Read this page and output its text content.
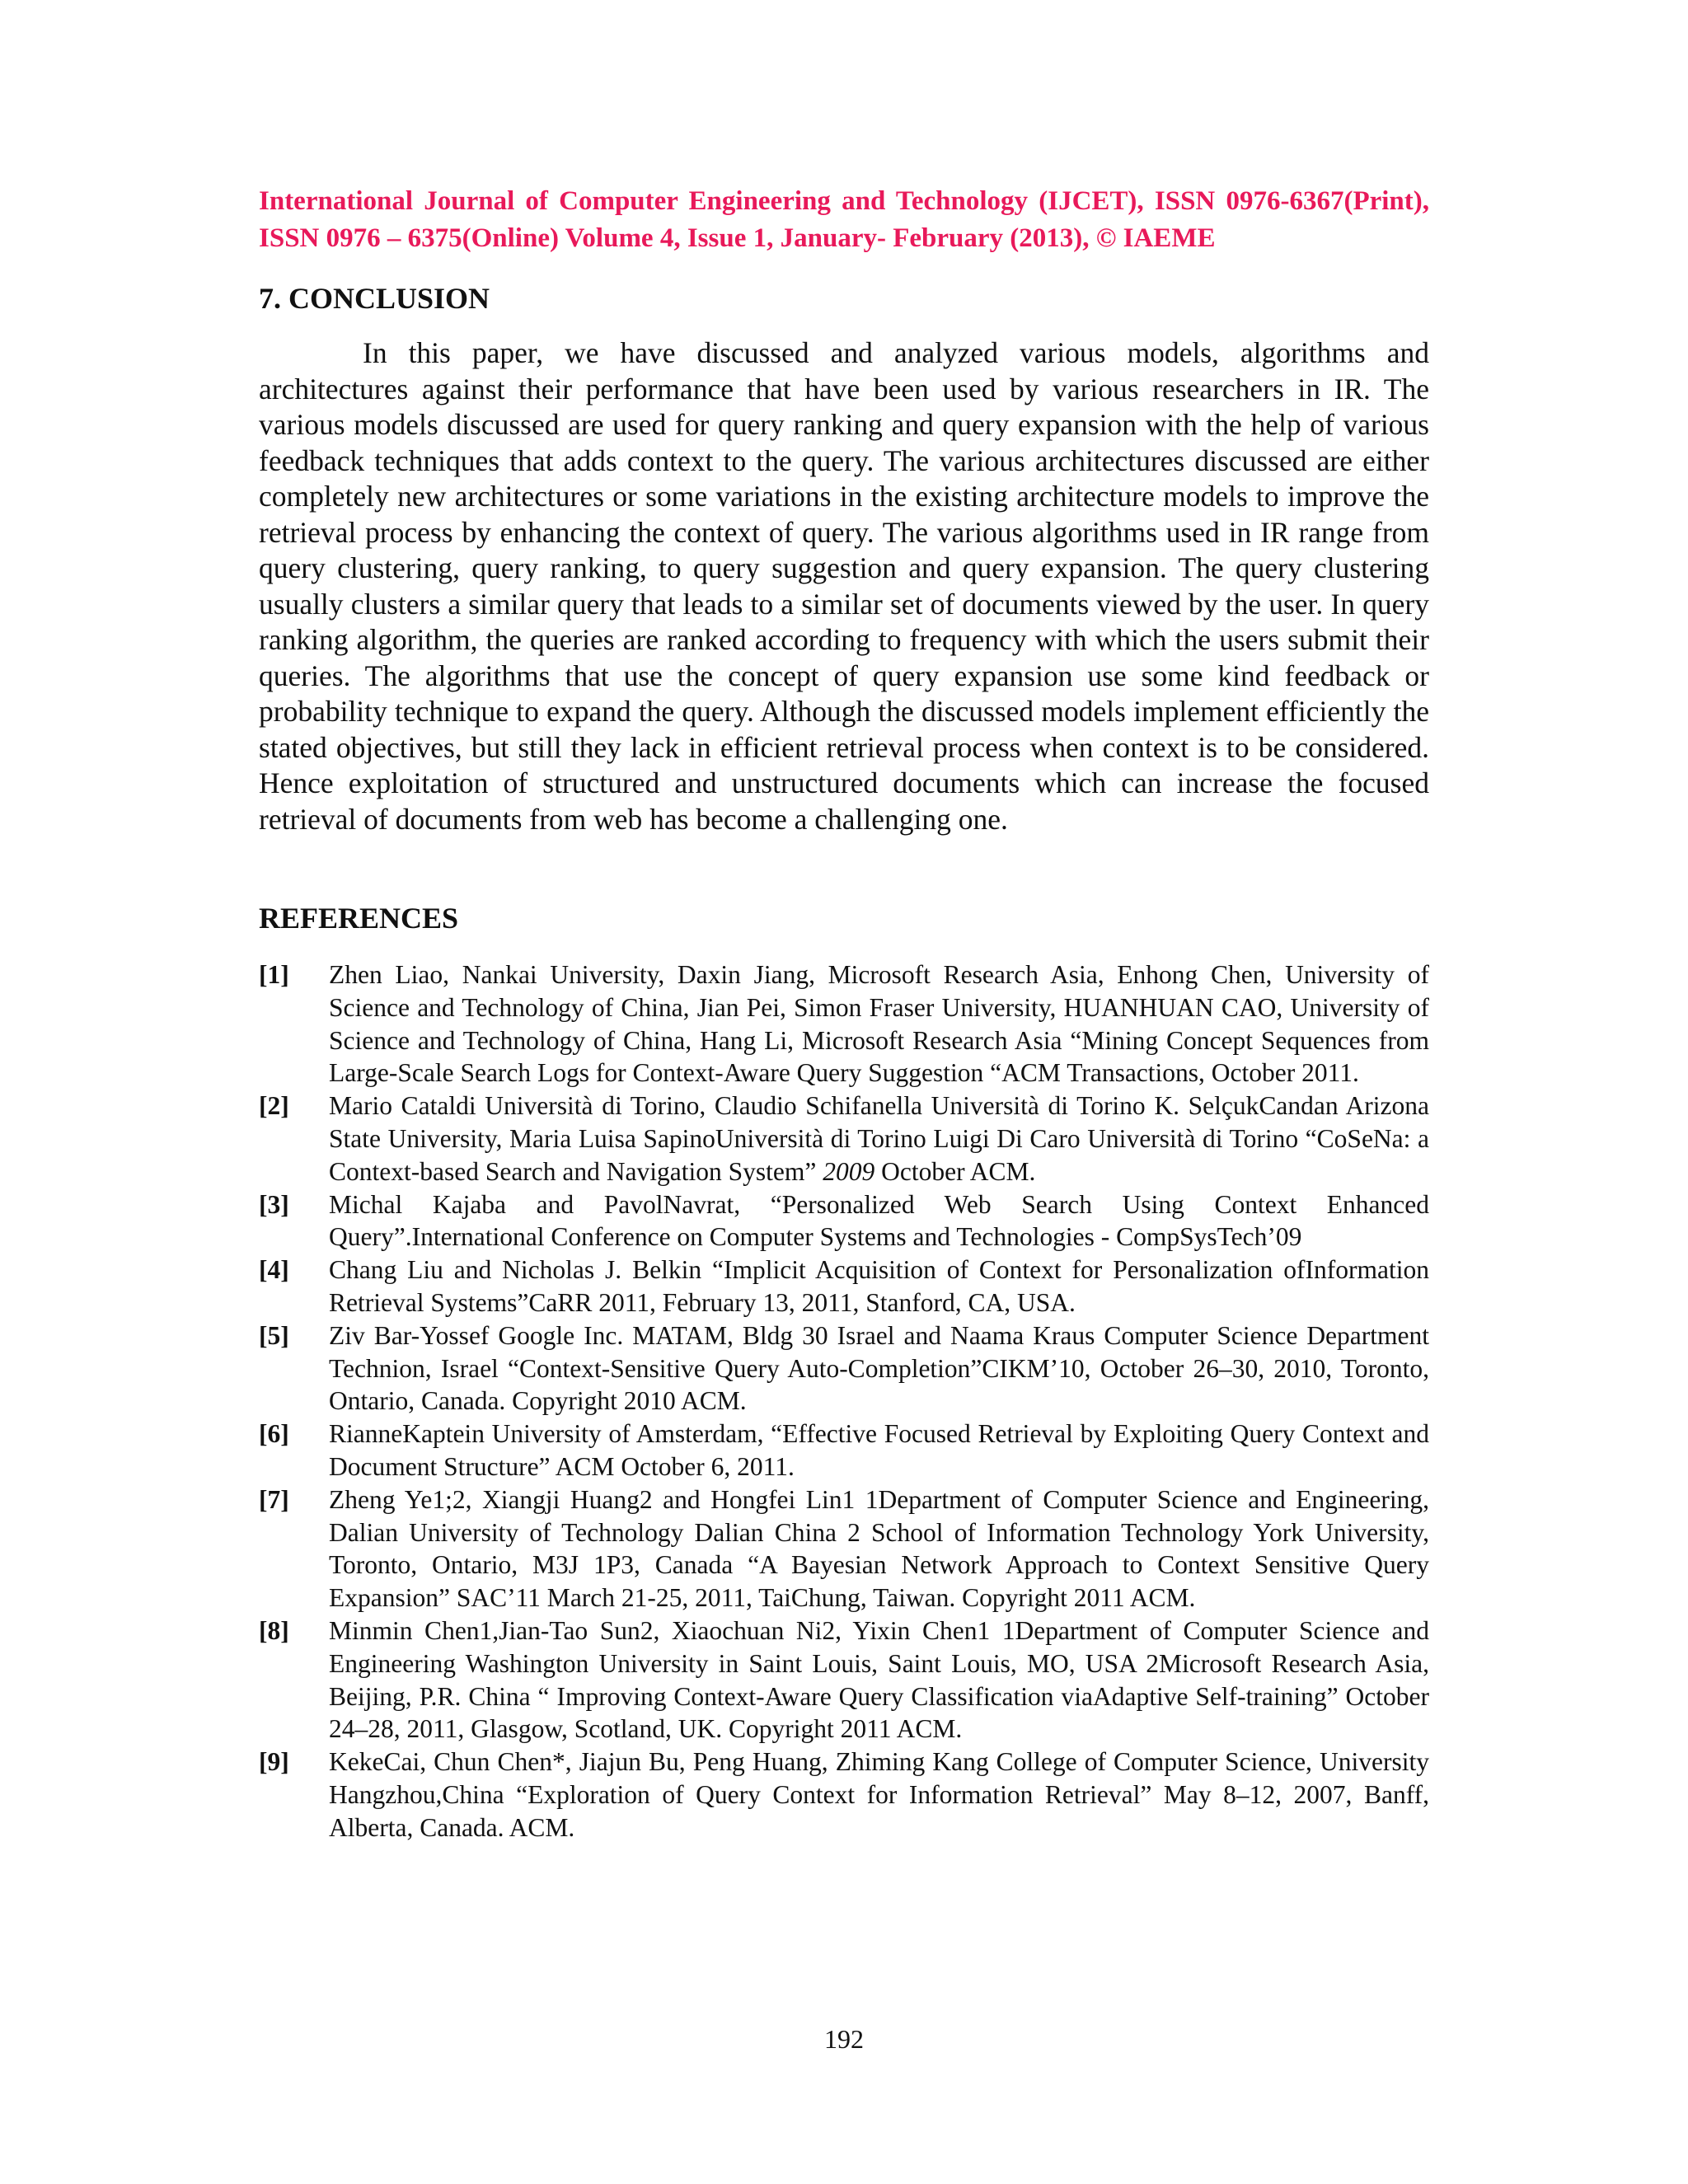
International Journal of Computer Engineering and Technology (IJCET), ISSN 0976-6367(Print), ISSN 0976 – 6375(Online) Volume 4, Issue 1, January- February (2013), © IAEME
7. CONCLUSION

In this paper, we have discussed and analyzed various models, algorithms and architectures against their performance that have been used by various researchers in IR. The various models discussed are used for query ranking and query expansion with the help of various feedback techniques that adds context to the query. The various architectures discussed are either completely new architectures or some variations in the existing architecture models to improve the retrieval process by enhancing the context of query. The various algorithms used in IR range from query clustering, query ranking, to query suggestion and query expansion. The query clustering usually clusters a similar query that leads to a similar set of documents viewed by the user. In query ranking algorithm, the queries are ranked according to frequency with which the users submit their queries. The algorithms that use the concept of query expansion use some kind feedback or probability technique to expand the query. Although the discussed models implement efficiently the stated objectives, but still they lack in efficient retrieval process when context is to be considered. Hence exploitation of structured and unstructured documents which can increase the focused retrieval of documents from web has become a challenging one.

REFERENCES
[1] Zhen Liao, Nankai University, Daxin Jiang, Microsoft Research Asia, Enhong Chen, University of Science and Technology of China, Jian Pei, Simon Fraser University, HUANHUAN CAO, University of Science and Technology of China, Hang Li, Microsoft Research Asia “Mining Concept Sequences from Large-Scale Search Logs for Context-Aware Query Suggestion “ACM Transactions, October 2011.
[2] Mario Cataldi Università di Torino, Claudio Schifanella Università di Torino K. SelçukCandan Arizona State University, Maria Luisa SapinoUniversità di Torino Luigi Di Caro Università di Torino “CoSeNa: a Context-based Search and Navigation System” 2009 October ACM.
[3] Michal Kajaba and PavolNavrat, “Personalized Web Search Using Context Enhanced Query”.International Conference on Computer Systems and Technologies - CompSysTech’09
[4] Chang Liu and Nicholas J. Belkin “Implicit Acquisition of Context for Personalization ofInformation Retrieval Systems”CaRR 2011, February 13, 2011, Stanford, CA, USA.
[5] Ziv Bar-Yossef Google Inc. MATAM, Bldg 30 Israel and Naama Kraus Computer Science Department Technion, Israel “Context-Sensitive Query Auto-Completion”CIKM’10, October 26–30, 2010, Toronto, Ontario, Canada. Copyright 2010 ACM.
[6] RianneKaptein University of Amsterdam, “Effective Focused Retrieval by Exploiting Query Context and Document Structure” ACM October 6, 2011.
[7] Zheng Ye1;2, Xiangji Huang2 and Hongfei Lin1 1Department of Computer Science and Engineering, Dalian University of Technology Dalian China 2 School of Information Technology York University, Toronto, Ontario, M3J 1P3, Canada “A Bayesian Network Approach to Context Sensitive Query Expansion” SAC’11 March 21-25, 2011, TaiChung, Taiwan. Copyright 2011 ACM.
[8] Minmin Chen1,Jian-Tao Sun2, Xiaochuan Ni2, Yixin Chen1 1Department of Computer Science and Engineering Washington University in Saint Louis, Saint Louis, MO, USA 2Microsoft Research Asia, Beijing, P.R. China “ Improving Context-Aware Query Classification viaAdaptive Self-training” October 24–28, 2011, Glasgow, Scotland, UK. Copyright 2011 ACM.
[9] KekeCai, Chun Chen*, Jiajun Bu, Peng Huang, Zhiming Kang College of Computer Science, University Hangzhou,China “Exploration of Query Context for Information Retrieval” May 8–12, 2007, Banff, Alberta, Canada. ACM.
192
